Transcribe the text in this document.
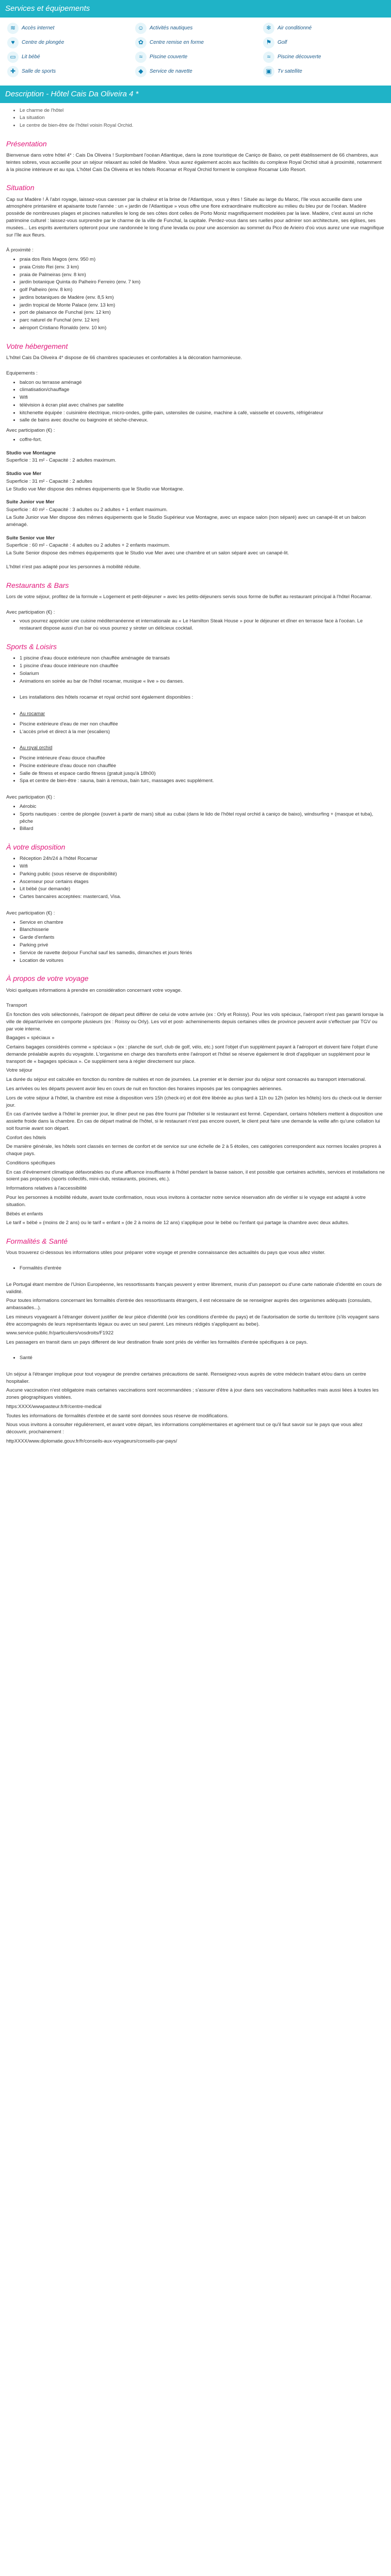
Services et équipements
≋	Accès internet	☺	Activités nautiques	❄	Air conditionné
♥	Centre de plongée	✿	Centre remise en forme	⚑	Golf
▭	Lit bébé	≈	Piscine couverte	≈	Piscine découverte
✚	Salle de sports	◆	Service de navette	▣	Tv satellite
Description - Hôtel Cais Da Oliveira 4 *
• Le charme de l'hôtel
• La situation
• Le centre de bien-être de l'hôtel voisin Royal Orchid.
Présentation

Bienvenue dans votre hôtel 4* : Cais Da Oliveira ! Surplombant l'océan Atlantique, dans la zone touristique de Caniço de Baixo, ce petit établissement de 66 chambres, aux teintes sobres, vous accueille pour un séjour relaxant au soleil de Madère. Vous aurez également accès aux facilités du complexe Royal Orchid situé à proximité, notamment à la piscine intérieure et au spa. L'hôtel Cais Da Oliveira et les hôtels Rocamar et Royal Orchid forment le complexe Rocamar Lido Resort.

Situation

Cap sur Madère ! À l'abri royage, laissez-vous caresser par la chaleur et la brise de l'Atlantique, vous y êtes ! Située au large du Maroc, l'île vous accueille dans une atmosphère printanière et apaisante toute l'année : un « jardin de l'Atlantique » vous offre une flore extraordinaire multicolore au milieu du bleu pur de l'océan. Madère possède de nombreuses plages et piscines naturelles le long de ses côtes dont celles de Porto Moniz magnifiquement modelées par la lave. Madère, c'est aussi un riche patrimoine culturel : laissez-vous surprendre par le charme de la ville de Funchal, la capitale. Perdez-vous dans ses ruelles pour admirer son architecture, ses églises, ses musées... Les esprits aventuriers opteront pour une randonnée le long d'une levada ou pour une ascension au sommet du Pico de Arieiro d'où vous aurez une vue magnifique sur l'île aux fleurs.

À proximité :

• praia dos Reis Magos (env. 950 m)
• praia Cristo Rei (env. 3 km)
• praia de Palmeiras (env. 8 km)
• jardin botanique Quinta do Palheiro Ferreiro (env. 7 km)
• golf Palheiro (env. 8 km)
• jardins botaniques de Madère (env. 8,5 km)
• jardin tropical de Monte Palace (env. 13 km)
• port de plaisance de Funchal (env. 12 km)
• parc naturel de Funchal (env. 12 km)
• aéroport Cristiano Ronaldo (env. 10 km)
Votre hébergement

L'hôtel Cais Da Oliveira 4* dispose de 66 chambres spacieuses et confortables à la décoration harmonieuse.

Equipements :

• balcon ou terrasse aménagé
• climatisation/chauffage
• Wifi
• télévision à écran plat avec chaînes par satellite
• kitchenette équipée : cuisinière électrique, micro-ondes, grille-pain, ustensiles de cuisine, machine à café, vaisselle et couverts, réfrigérateur
• salle de bains avec douche ou baignoire et sèche-cheveux.

Avec participation (€) :

• coffre-fort.

Studio vue Montagne

Superficie : 31 m² - Capacité : 2 adultes maximum.

Studio vue Mer

Superficie : 31 m² - Capacité : 2 adultes

Le Studio vue Mer dispose des mêmes équipements que le Studio vue Montagne.

Suite Junior vue Mer

Superficie : 40 m² - Capacité : 3 adultes ou 2 adultes + 1 enfant maximum.

La Suite Junior vue Mer dispose des mêmes équipements que le Studio Supérieur vue Montagne, avec un espace salon (non séparé) avec un canapé-lit et un balcon aménagé.

Suite Senior vue Mer

Superficie : 60 m² - Capacité : 4 adultes ou 2 adultes + 2 enfants maximum.

La Suite Senior dispose des mêmes équipements que le Studio vue Mer avec une chambre et un salon séparé avec un canapé-lit.

L'hôtel n'est pas adapté pour les personnes à mobilité réduite.

Restaurants & Bars

Lors de votre séjour, profitez de la formule « Logement et petit-déjeuner » avec les petits-déjeuners servis sous forme de buffet au restaurant principal à l'hôtel Rocamar.

Avec participation (€) :

• vous pourrez apprécier une cuisine méditerranéenne et internationale au « Le Hamilton Steak House » pour le déjeuner et dîner en terrasse face à l'océan. Le restaurant dispose aussi d'un bar où vous pourrez y siroter un délicieux cocktail.
Sports & Loisirs
• 1 piscine d'eau douce extérieure non chauffée aménagée de transats
• 1 piscine d'eau douce intérieure non chauffée
• Solarium
• Animations en soirée au bar de l'hôtel rocamar, musique « live » ou danses.
• Les installations des hôtels rocamar et royal orchid sont également disponibles :
• Au rocamar
• Piscine extérieure d'eau de mer non chauffée
• L'accès privé et direct à la mer (escaliers)
• Au royal orchid
• Piscine intérieure d'eau douce chauffée
• Piscine extérieure d'eau douce non chauffée
• Salle de fitness et espace cardio fitness (gratuit jusqu'à 18h00)
• Spa et centre de bien-être : sauna, bain à remous, bain turc, massages avec supplément.

Avec participation (€) :

• Aérobic
• Sports nautiques : centre de plongée (ouvert à partir de mars) situé au cubai (dans le lido de l'hôtel royal orchid à caniço de baixo), windsurfing + (masque et tuba), pêche
• Billard
À votre disposition
• Réception 24h/24 à l'hôtel Rocamar
• Wifi
• Parking public (sous réserve de disponibilité)
• Ascenseur pour certains étages
• Lit bébé (sur demande)
• Cartes bancaires acceptées: mastercard, Visa.

Avec participation (€) :

• Service en chambre
• Blanchisserie
• Garde d'enfants
• Parking privé
• Service de navette de/pour Funchal sauf les samedis, dimanches et jours fériés
• Location de voitures
À propos de votre voyage

Voici quelques informations à prendre en considération concernant votre voyage.

Transport

En fonction des vols sélectionnés, l'aéroport de départ peut différer de celui de votre arrivée (ex : Orly et Roissy). Pour les vols spéciaux, l'aéroport n'est pas garanti lorsque la ville de départ/arrivée en comporte plusieurs (ex : Roissy ou Orly). Les vol et post- acheminements depuis certaines villes de province peuvent avoir s'effectuer par TGV ou par voie interne.

Bagages « spéciaux »

Certains bagages considérés comme « spéciaux » (ex : planche de surf, club de golf, vélo, etc.) sont l'objet d'un supplément payant à l'aéroport et doivent faire l'objet d'une demande préalable auprès du voyagiste. L'organisme en charge des transferts entre l'aéroport et l'hôtel se réserve également le droit d'appliquer un supplément pour le transport de « bagages spéciaux ». Ce supplément sera à régler directement sur place.

Votre séjour

La durée du séjour est calculée en fonction du nombre de nuitées et non de journées. La premier et le dernier jour du séjour sont consacrés au transport international.

Les arrivées ou les départs peuvent avoir lieu en cours de nuit en fonction des horaires imposés par les compagnies aériennes.

Lors de votre séjour à l'hôtel, la chambre est mise à disposition vers 15h (check-in) et doit être libérée au plus tard à 11h ou 12h (selon les hôtels) lors du check-out le dernier jour.

En cas d'arrivée tardive à l'hôtel le premier jour, le dîner peut ne pas être fourni par l'hôtelier si le restaurant est fermé. Cependant, certains hôteliers mettent à disposition une assiette froide dans la chambre. En cas de départ matinal de l'hôtel, si le restaurant n'est pas encore ouvert, le client peut faire une demande la veille afin qu'une collation lui soit fournie avant son départ.

Confort des hôtels

De manière générale, les hôtels sont classés en termes de confort et de service sur une échelle de 2 à 5 étoiles, ces catégories correspondent aux normes locales propres à chaque pays.

Conditions spécifiques

En cas d'évènement climatique défavorables ou d'une affluence insuffisante à l'hôtel pendant la basse saison, il est possible que certaines activités, services et installations ne soient pas proposés (sports collectifs, mini-club, restaurants, piscines, etc.).

Informations relatives à l'accessibilité

Pour les personnes à mobilité réduite, avant toute confirmation, nous vous invitons à contacter notre service réservation afin de vérifier si le voyage est adapté à votre situation.

Bébés et enfants

Le tarif « bébé » (moins de 2 ans) ou le tarif « enfant » (de 2 à moins de 12 ans) s'applique pour le bébé ou l'enfant qui partage la chambre avec deux adultes.

Formalités & Santé

Vous trouverez ci-dessous les informations utiles pour préparer votre voyage et prendre connaissance des actualités du pays que vous allez visiter.

• Formalités d'entrée

Le Portugal étant membre de l'Union Européenne, les ressortissants français peuvent y entrer librement, munis d'un passeport ou d'une carte nationale d'identité en cours de validité.

Pour toutes informations concernant les formalités d'entrée des ressortissants étrangers, il est nécessaire de se renseigner auprès des organismes adéquats (consulats, ambassades...).

Les mineurs voyageant à l'étranger doivent justifier de leur pièce d'identité (voir les conditions d'entrée du pays) et de l'autorisation de sortie du territoire (s'ils voyagent sans être accompagnés de leurs représentants légaux ou avec un seul parent. Les mineurs rédigés s'appliquent au bebe).

www.service-public.fr/particuliers/vosdroits/F1922

Les passagers en transit dans un pays different de leur destination finale sont priés de vérifier les formalités d'entrée spécifiques à ce pays.

• Santé

Un séjour à l'étranger implique pour tout voyageur de prendre certaines précautions de santé. Renseignez-vous auprès de votre médecin traitant et/ou dans un centre hospitalier.

Aucune vaccination n'est obligatoire mais certaines vaccinations sont recommandées ; s'assurer d'être à jour dans ses vaccinations habituelles mais aussi liées à toutes les zones géographiques visitées.

https:XXXX/wwwpasteur.fr/fr/centre-medical

Toutes les informations de formalités d'entrée et de santé sont données sous réserve de modifications.

Nous vous invitons à consulter régulièrement, et avant votre départ, les informations complémentaires et agrément tout ce qu'il faut savoir sur le pays que vous allez découvrir, prochainement :

httpXXXX/www.diplomatie.gouv.fr/fr/conseils-aux-voyageurs/conseils-par-pays/
